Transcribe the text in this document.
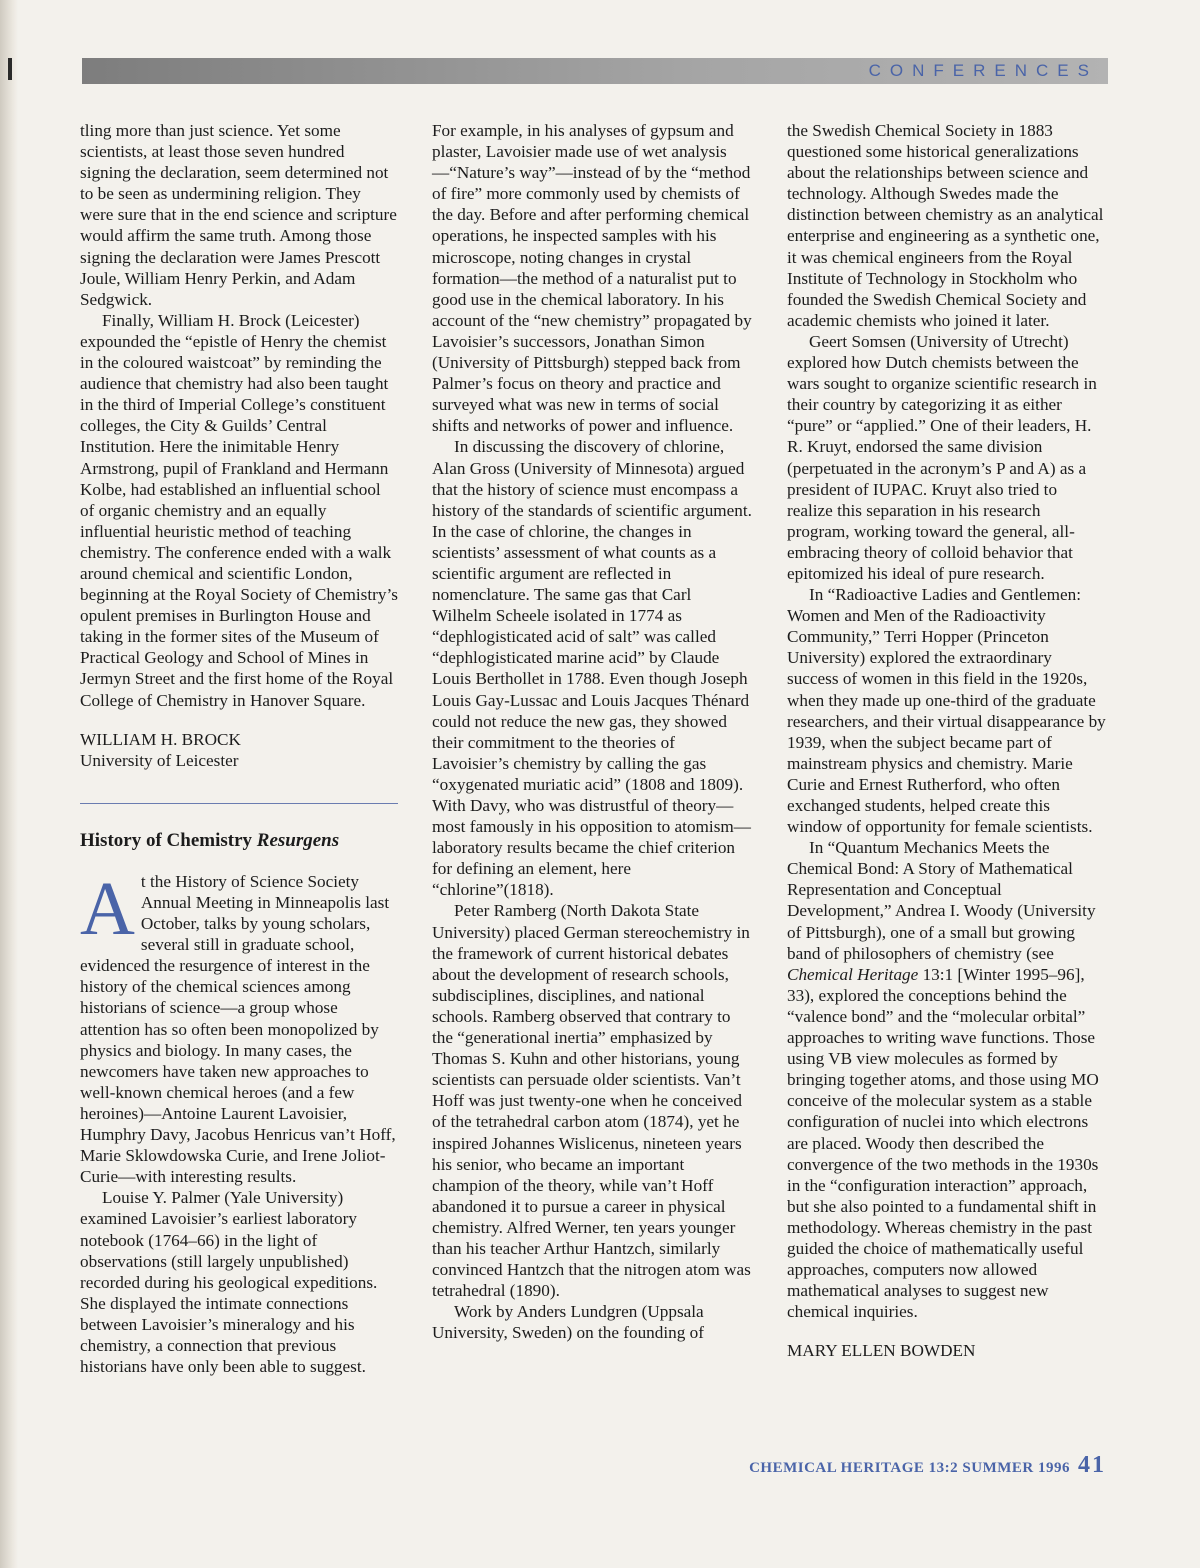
CONFERENCES

tling more than just science. Yet some scientists, at least those seven hundred signing the declaration, seem determined not to be seen as undermining religion. They were sure that in the end science and scripture would affirm the same truth. Among those signing the declaration were James Prescott Joule, William Henry Perkin, and Adam Sedgwick.

Finally, William H. Brock (Leicester) expounded the “epistle of Henry the chemist in the coloured waistcoat” by reminding the audience that chemistry had also been taught in the third of Imperial College’s constituent colleges, the City & Guilds’ Central Institution. Here the inimitable Henry Armstrong, pupil of Frankland and Hermann Kolbe, had established an influential school of organic chemistry and an equally influential heuristic method of teaching chemistry. The conference ended with a walk around chemical and scientific London, beginning at the Royal Society of Chemistry’s opulent premises in Burlington House and taking in the former sites of the Museum of Practical Geology and School of Mines in Jermyn Street and the first home of the Royal College of Chemistry in Hanover Square.

WILLIAM H. BROCK

University of Leicester

History of Chemistry Resurgens

At the History of Science Society Annual Meeting in Minneapolis last October, talks by young scholars, several still in graduate school, evidenced the resurgence of interest in the history of the chemical sciences among historians of science—a group whose attention has so often been monopolized by physics and biology. In many cases, the newcomers have taken new approaches to well-known chemical heroes (and a few heroines)—Antoine Laurent Lavoisier, Humphry Davy, Jacobus Henricus van’t Hoff, Marie Sklowdowska Curie, and Irene Joliot-Curie—with interesting results.

Louise Y. Palmer (Yale University) examined Lavoisier’s earliest laboratory notebook (1764–66) in the light of observations (still largely unpublished) recorded during his geological expeditions. She displayed the intimate connections between Lavoisier’s mineralogy and his chemistry, a connection that previous historians have only been able to suggest.

For example, in his analyses of gypsum and plaster, Lavoisier made use of wet analysis—“Nature’s way”—instead of by the “method of fire” more commonly used by chemists of the day. Before and after performing chemical operations, he inspected samples with his microscope, noting changes in crystal formation—the method of a naturalist put to good use in the chemical laboratory. In his account of the “new chemistry” propagated by Lavoisier’s successors, Jonathan Simon (University of Pittsburgh) stepped back from Palmer’s focus on theory and practice and surveyed what was new in terms of social shifts and networks of power and influence.

In discussing the discovery of chlorine, Alan Gross (University of Minnesota) argued that the history of science must encompass a history of the standards of scientific argument. In the case of chlorine, the changes in scientists’ assessment of what counts as a scientific argument are reflected in nomenclature. The same gas that Carl Wilhelm Scheele isolated in 1774 as “dephlogisticated acid of salt” was called “dephlogisticated marine acid” by Claude Louis Berthollet in 1788. Even though Joseph Louis Gay-Lussac and Louis Jacques Thénard could not reduce the new gas, they showed their commitment to the theories of Lavoisier’s chemistry by calling the gas “oxygenated muriatic acid” (1808 and 1809). With Davy, who was distrustful of theory—most famously in his opposition to atomism—laboratory results became the chief criterion for defining an element, here “chlorine”(1818).

Peter Ramberg (North Dakota State University) placed German stereochemistry in the framework of current historical debates about the development of research schools, subdisciplines, disciplines, and national schools. Ramberg observed that contrary to the “generational inertia” emphasized by Thomas S. Kuhn and other historians, young scientists can persuade older scientists. Van’t Hoff was just twenty-one when he conceived of the tetrahedral carbon atom (1874), yet he inspired Johannes Wislicenus, nineteen years his senior, who became an important champion of the theory, while van’t Hoff abandoned it to pursue a career in physical chemistry. Alfred Werner, ten years younger than his teacher Arthur Hantzch, similarly convinced Hantzch that the nitrogen atom was tetrahedral (1890).

Work by Anders Lundgren (Uppsala University, Sweden) on the founding of

the Swedish Chemical Society in 1883 questioned some historical generalizations about the relationships between science and technology. Although Swedes made the distinction between chemistry as an analytical enterprise and engineering as a synthetic one, it was chemical engineers from the Royal Institute of Technology in Stockholm who founded the Swedish Chemical Society and academic chemists who joined it later.

Geert Somsen (University of Utrecht) explored how Dutch chemists between the wars sought to organize scientific research in their country by categorizing it as either “pure” or “applied.” One of their leaders, H. R. Kruyt, endorsed the same division (perpetuated in the acronym’s P and A) as a president of IUPAC. Kruyt also tried to realize this separation in his research program, working toward the general, all-embracing theory of colloid behavior that epitomized his ideal of pure research.

In “Radioactive Ladies and Gentlemen: Women and Men of the Radioactivity Community,” Terri Hopper (Princeton University) explored the extraordinary success of women in this field in the 1920s, when they made up one-third of the graduate researchers, and their virtual disappearance by 1939, when the subject became part of mainstream physics and chemistry. Marie Curie and Ernest Rutherford, who often exchanged students, helped create this window of opportunity for female scientists.

In “Quantum Mechanics Meets the Chemical Bond: A Story of Mathematical Representation and Conceptual Development,” Andrea I. Woody (University of Pittsburgh), one of a small but growing band of philosophers of chemistry (see Chemical Heritage 13:1 [Winter 1995–96], 33), explored the conceptions behind the “valence bond” and the “molecular orbital” approaches to writing wave functions. Those using VB view molecules as formed by bringing together atoms, and those using MO conceive of the molecular system as a stable configuration of nuclei into which electrons are placed. Woody then described the convergence of the two methods in the 1930s in the “configuration interaction” approach, but she also pointed to a fundamental shift in methodology. Whereas chemistry in the past guided the choice of mathematically useful approaches, computers now allowed mathematical analyses to suggest new chemical inquiries.

MARY ELLEN BOWDEN

CHEMICAL HERITAGE 13:2 SUMMER 1996 41
